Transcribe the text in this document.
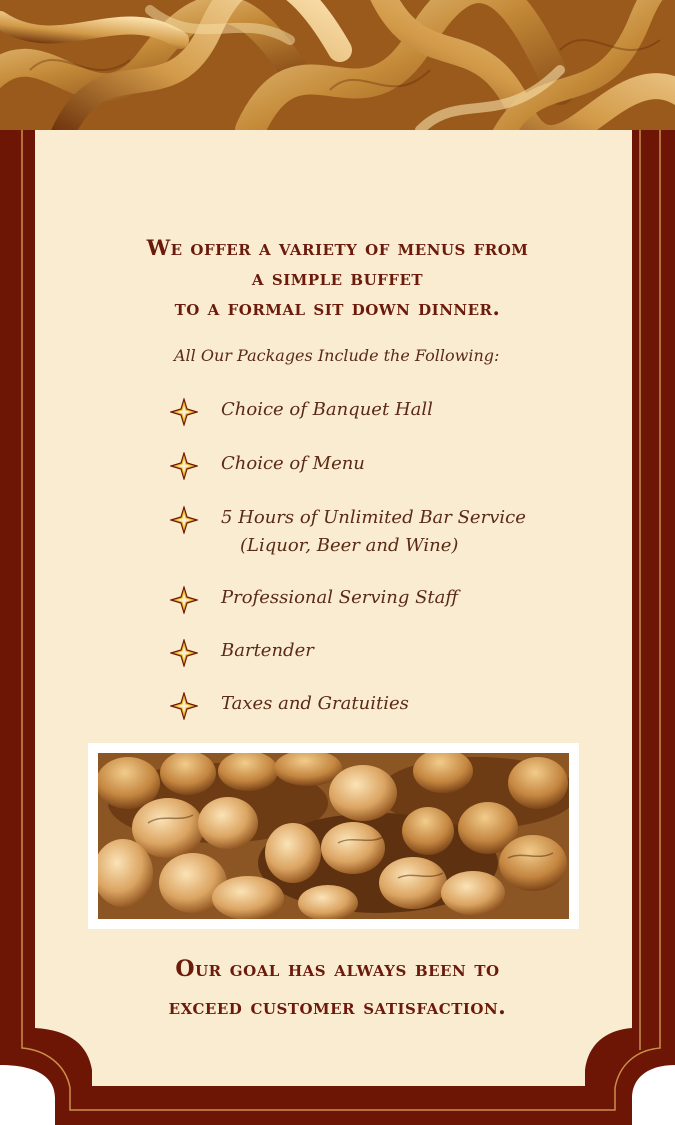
We offer a variety of menus from
a simple buffet
to a formal sit down dinner.
All Our Packages Include the Following:
Choice of Banquet Hall
Choice of Menu
5 Hours of Unlimited Bar Service
(Liquor, Beer and Wine)
Professional Serving Staff
Bartender
Taxes and Gratuities
Our goal has always been to
exceed customer satisfaction.
